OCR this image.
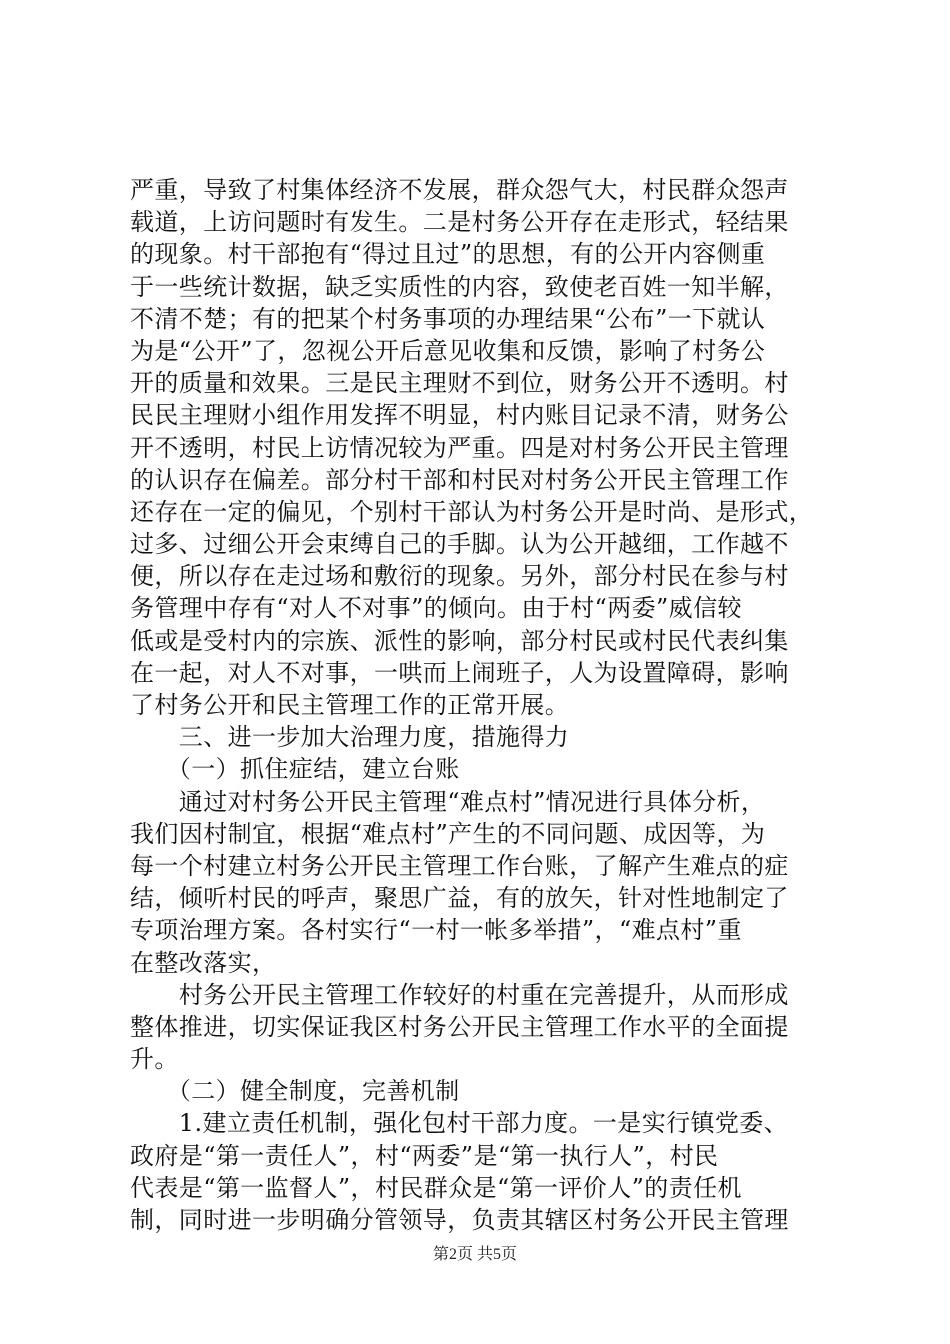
严重，导致了村集体经济不发展，群众怨气大，村民群众怨声
载道，上访问题时有发生。二是村务公开存在走形式，轻结果
的现象。村干部抱有“得过且过”的思想，有的公开内容侧重
于一些统计数据，缺乏实质性的内容，致使老百姓一知半解，
不清不楚；有的把某个村务事项的办理结果“公布”一下就认
为是“公开”了，忽视公开后意见收集和反馈，影响了村务公
开的质量和效果。三是民主理财不到位，财务公开不透明。村
民民主理财小组作用发挥不明显，村内账目记录不清，财务公
开不透明，村民上访情况较为严重。四是对村务公开民主管理
的认识存在偏差。部分村干部和村民对村务公开民主管理工作
还存在一定的偏见，个别村干部认为村务公开是时尚、是形式，
过多、过细公开会束缚自己的手脚。认为公开越细，工作越不
便，所以存在走过场和敷衍的现象。另外，部分村民在参与村
务管理中存有“对人不对事”的倾向。由于村“两委”威信较
低或是受村内的宗族、派性的影响，部分村民或村民代表纠集
在一起，对人不对事，一哄而上闹班子，人为设置障碍，影响
了村务公开和民主管理工作的正常开展。
　　三、进一步加大治理力度，措施得力
　　（一）抓住症结，建立台账
　　通过对村务公开民主管理“难点村”情况进行具体分析，
我们因村制宜，根据“难点村”产生的不同问题、成因等，为
每一个村建立村务公开民主管理工作台账，了解产生难点的症
结，倾听村民的呼声，聚思广益，有的放矢，针对性地制定了
专项治理方案。各村实行“一村一帐多举措”，“难点村”重
在整改落实，
　　村务公开民主管理工作较好的村重在完善提升，从而形成
整体推进，切实保证我区村务公开民主管理工作水平的全面提
升。
　　（二）健全制度，完善机制
　　1.建立责任机制，强化包村干部力度。一是实行镇党委、
政府是“第一责任人”，村“两委”是“第一执行人”，村民
代表是“第一监督人”，村民群众是“第一评价人”的责任机
制，同时进一步明确分管领导，负责其辖区村务公开民主管理
第2页 共5页
